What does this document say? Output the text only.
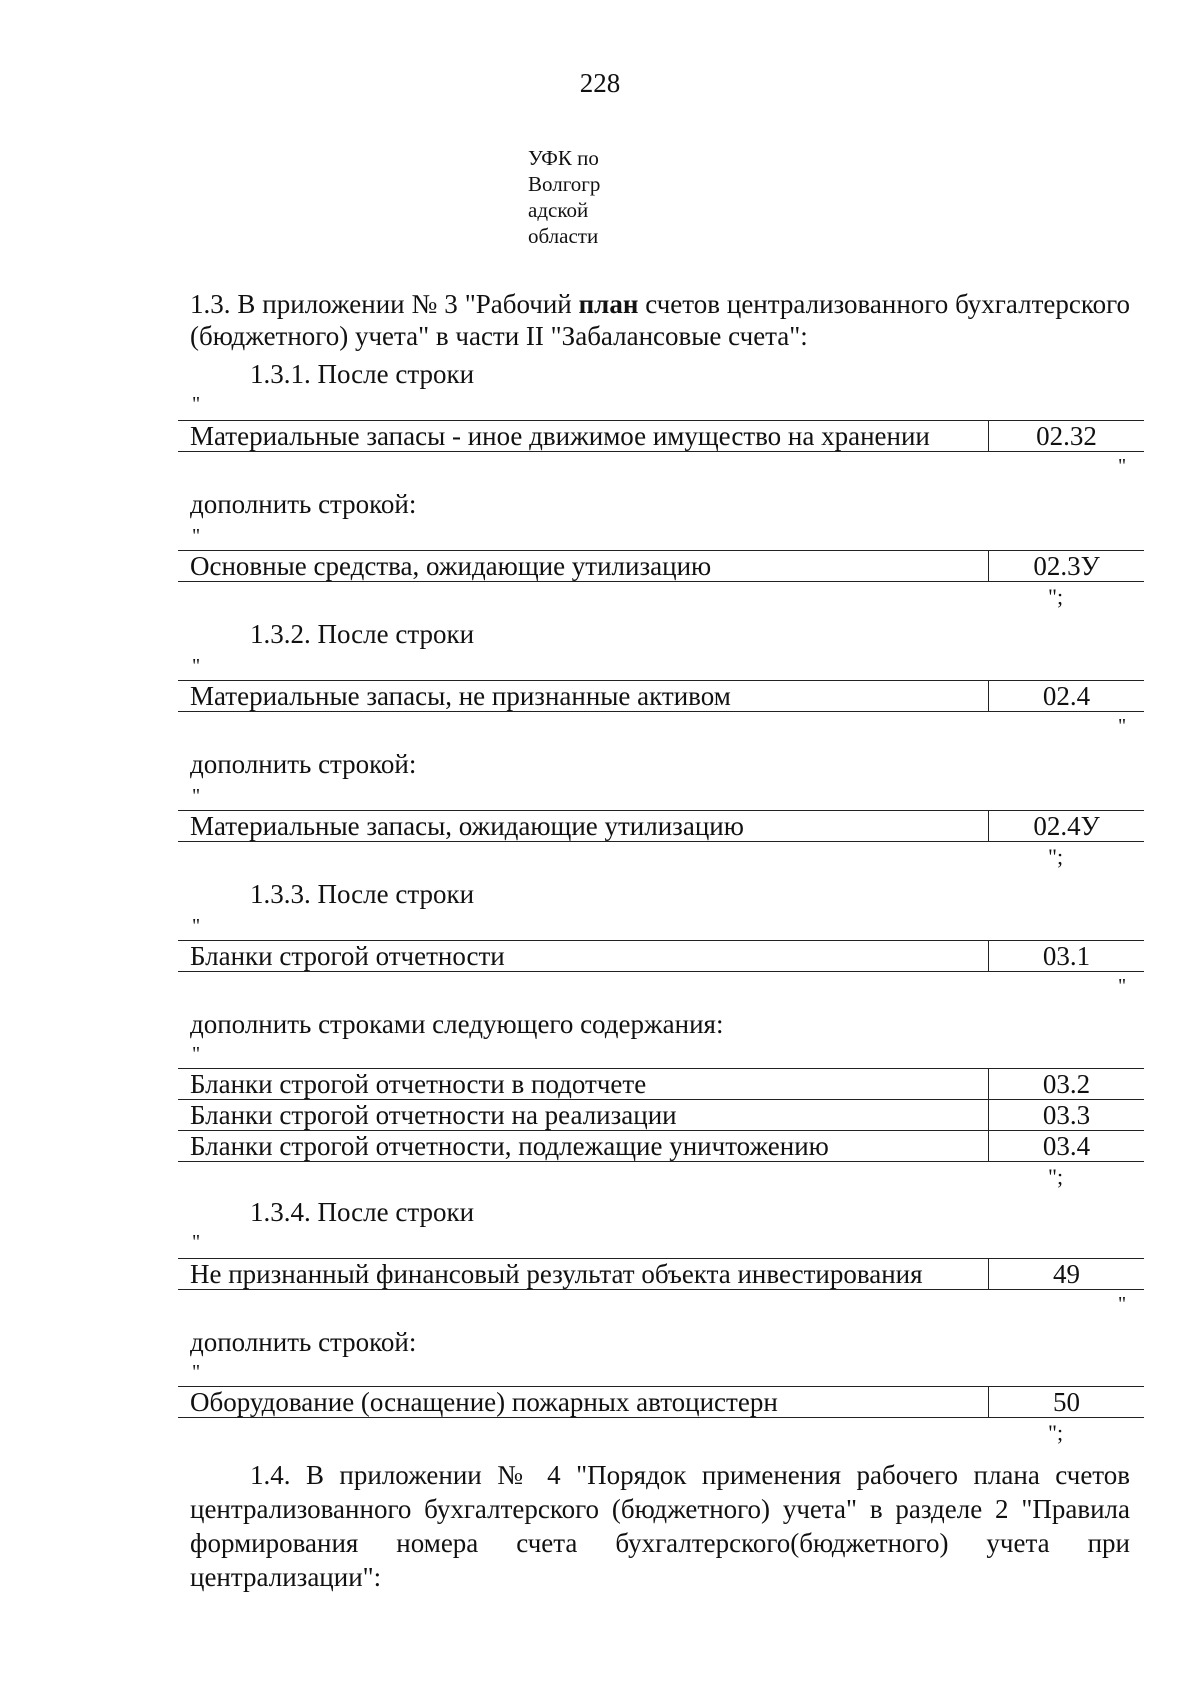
228
УФК по
Волгогр
адской
области
1.3. В приложении № 3 "Рабочий план счетов централизованного бухгалтерского (бюджетного) учета" в части II "Забалансовые счета":
1.3.1. После строки
"
Материальные запасы - иное движимое имущество на хранении	02.32
"
дополнить строкой:
"
Основные средства, ожидающие утилизацию	02.3У
";
1.3.2. После строки
"
Материальные запасы, не признанные активом	02.4
"
дополнить строкой:
"
Материальные запасы, ожидающие утилизацию	02.4У
";
1.3.3. После строки
"
Бланки строгой отчетности	03.1
"
дополнить строками следующего содержания:
"
Бланки строгой отчетности в подотчете	03.2
Бланки строгой отчетности на реализации	03.3
Бланки строгой отчетности, подлежащие уничтожению	03.4
";
1.3.4. После строки
"
Не признанный финансовый результат объекта инвестирования	49
"
дополнить строкой:
"
Оборудование (оснащение) пожарных автоцистерн	50
";
1.4. В приложении № 4 "Порядок применения рабочего плана счетов централизованного бухгалтерского (бюджетного) учета" в разделе 2 "Правила формирования номера счета бухгалтерского(бюджетного) учета при централизации":
